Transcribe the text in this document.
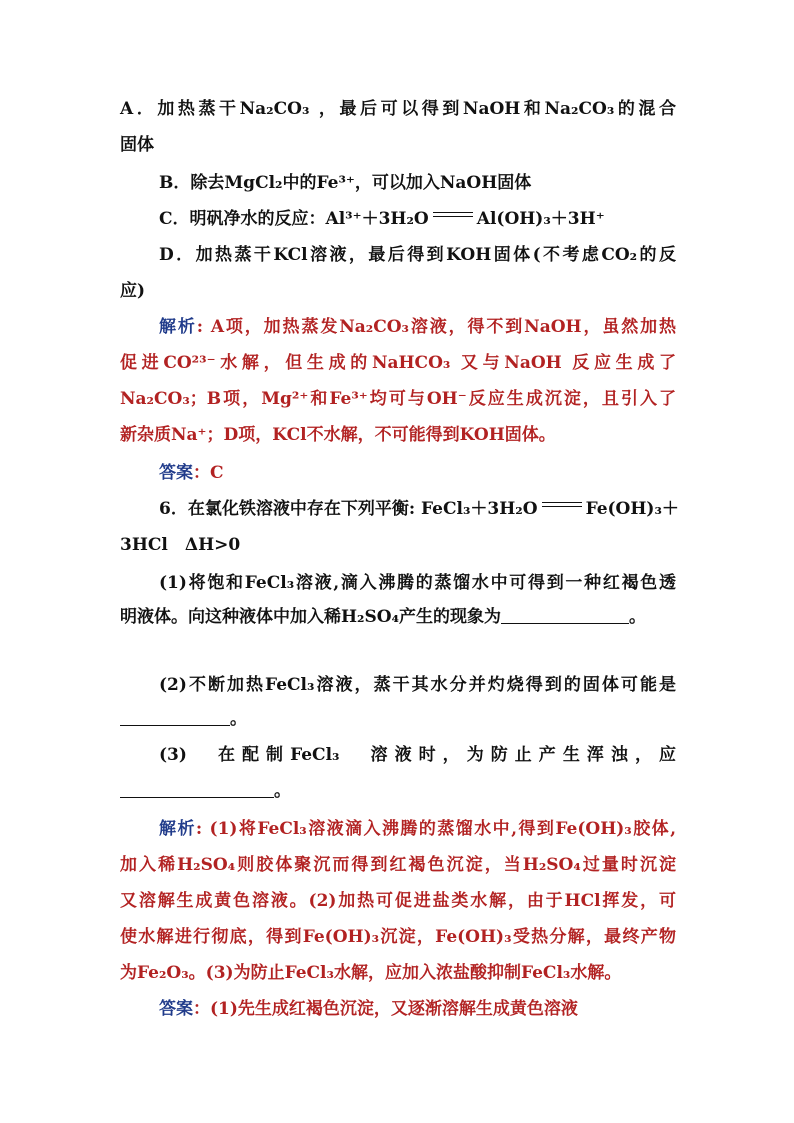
A．加热蒸干Na₂CO₃ ，最后可以得到NaOH和Na₂CO₃的混合
固体
B．除去MgCl₂中的Fe³⁺，可以加入NaOH固体
C．明矾净水的反应：Al³⁺＋3H₂O	Al(OH)₃＋3H⁺
D．加热蒸干KCl溶液，最后得到KOH固体(不考虑CO₂的反
应)
解析: A项，加热蒸发Na₂CO₃溶液，得不到NaOH，虽然加热
促进CO²³⁻水解，但生成的NaHCO₃ 又与NaOH 反应生成了
Na₂CO₃；B项，Mg²⁺和Fe³⁺均可与OH⁻反应生成沉淀，且引入了
新杂质Na⁺；D项，KCl不水解，不可能得到KOH固体。
答案：C
6．在氯化铁溶液中存在下列平衡: FeCl₃＋3H₂O	Fe(OH)₃＋
3HCl　ΔH>0
(1)将饱和FeCl₃溶液,滴入沸腾的蒸馏水中可得到一种红褐色透
明液体。向这种液体中加入稀H₂SO₄产生的现象为	。
(2)不断加热FeCl₃溶液，蒸干其水分并灼烧得到的固体可能是
。
(3)　在配制FeCl₃　溶液时，为防止产生浑浊，应
。
解析: (1)将FeCl₃溶液滴入沸腾的蒸馏水中,得到Fe(OH)₃胶体,
加入稀H₂SO₄则胶体聚沉而得到红褐色沉淀，当H₂SO₄过量时沉淀
又溶解生成黄色溶液。(2)加热可促进盐类水解，由于HCl挥发，可
使水解进行彻底，得到Fe(OH)₃沉淀，Fe(OH)₃受热分解，最终产物
为Fe₂O₃。(3)为防止FeCl₃水解，应加入浓盐酸抑制FeCl₃水解。
答案：(1)先生成红褐色沉淀，又逐渐溶解生成黄色溶液
